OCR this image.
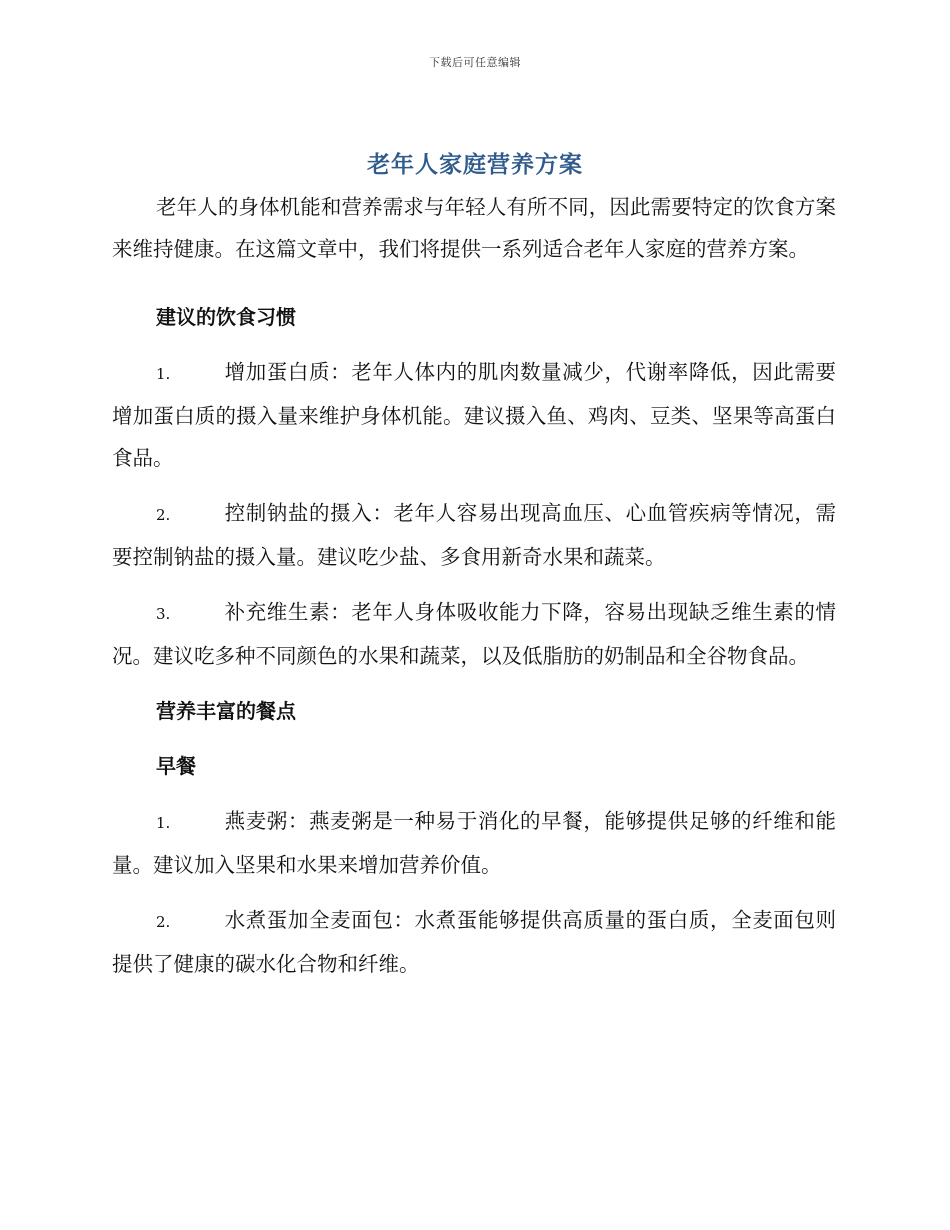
下载后可任意编辑
老年人家庭营养方案

老年人的身体机能和营养需求与年轻人有所不同，因此需要特定的饮食方案来维持健康。在这篇文章中，我们将提供一系列适合老年人家庭的营养方案。

建议的饮食习惯
1.	增加蛋白质：老年人体内的肌肉数量减少，代谢率降低，因此需要增加蛋白质的摄入量来维护身体机能。建议摄入鱼、鸡肉、豆类、坚果等高蛋白食品。
2.	控制钠盐的摄入：老年人容易出现高血压、心血管疾病等情况，需要控制钠盐的摄入量。建议吃少盐、多食用新奇水果和蔬菜。
3.	补充维生素：老年人身体吸收能力下降，容易出现缺乏维生素的情况。建议吃多种不同颜色的水果和蔬菜，以及低脂肪的奶制品和全谷物食品。
营养丰富的餐点
早餐
1.	燕麦粥：燕麦粥是一种易于消化的早餐，能够提供足够的纤维和能量。建议加入坚果和水果来增加营养价值。
2.	水煮蛋加全麦面包：水煮蛋能够提供高质量的蛋白质，全麦面包则提供了健康的碳水化合物和纤维。
